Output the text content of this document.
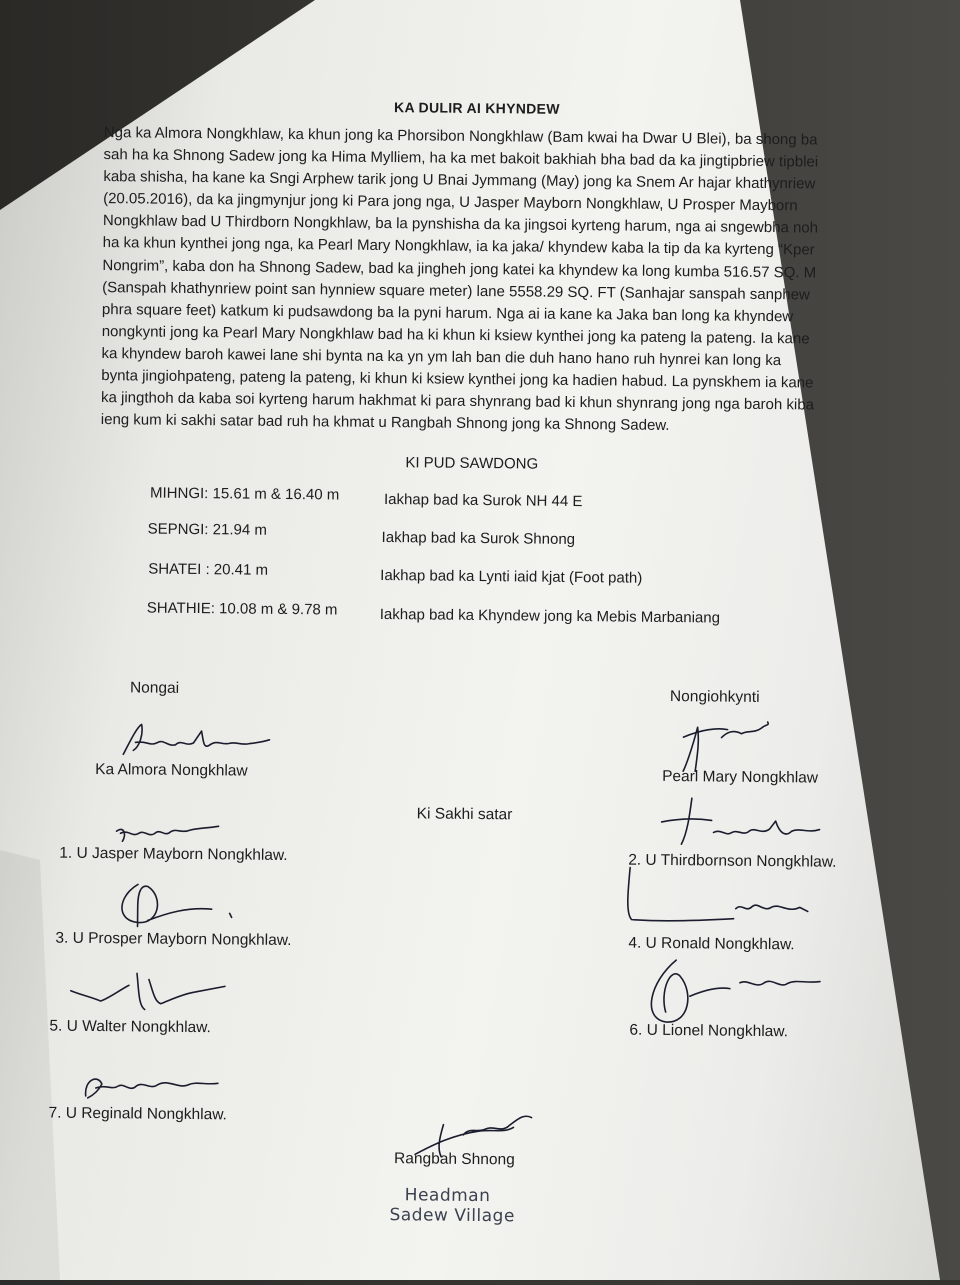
KA DULIR AI KHYNDEW
Nga ka Almora Nongkhlaw, ka khun jong ka Phorsibon Nongkhlaw (Bam kwai ha Dwar U Blei), ba shong ba
sah ha ka Shnong Sadew jong ka Hima Mylliem, ha ka met bakoit bakhiah bha bad da ka jingtipbriew tipblei
kaba shisha, ha kane ka Sngi Arphew tarik jong U Bnai Jymmang (May) jong ka Snem Ar hajar khathynriew
(20.05.2016), da ka jingmynjur jong ki Para jong nga, U Jasper Mayborn Nongkhlaw, U Prosper Mayborn
Nongkhlaw bad U Thirdborn Nongkhlaw, ba la pynshisha da ka jingsoi kyrteng harum, nga ai sngewbha noh
ha ka khun kynthei jong nga, ka Pearl Mary Nongkhlaw, ia ka jaka/ khyndew kaba la tip da ka kyrteng “Kper
Nongrim”, kaba don ha Shnong Sadew, bad ka jingheh jong katei ka khyndew ka long kumba 516.57 SQ. M
(Sanspah khathynriew point san hynniew square meter) lane 5558.29 SQ. FT (Sanhajar sanspah sanphew
phra square feet) katkum ki pudsawdong ba la pyni harum. Nga ai ia kane ka Jaka ban long ka khyndew
nongkynti jong ka Pearl Mary Nongkhlaw bad ha ki khun ki ksiew kynthei jong ka pateng la pateng. Ia kane
ka khyndew baroh kawei lane shi bynta na ka yn ym lah ban die duh hano hano ruh hynrei kan long ka
bynta jingiohpateng, pateng la pateng, ki khun ki ksiew kynthei jong ka hadien habud. La pynskhem ia kane
ka jingthoh da kaba soi kyrteng harum hakhmat ki para shynrang bad ki khun shynrang jong nga baroh kiba
ieng kum ki sakhi satar bad ruh ha khmat u Rangbah Shnong jong ka Shnong Sadew.
KI PUD SAWDONG
MIHNGI: 15.61 m & 16.40 m	Iakhap bad ka Surok NH 44 E
SEPNGI: 21.94 m	Iakhap bad ka Surok Shnong
SHATEI : 20.41 m	Iakhap bad ka Lynti iaid kjat (Foot path)
SHATHIE: 10.08 m & 9.78 m	Iakhap bad ka Khyndew jong ka Mebis Marbaniang
Nongai	Nongiohkynti
Ka Almora Nongkhlaw	Pearl Mary Nongkhlaw
Ki Sakhi satar
1. U Jasper Mayborn Nongkhlaw.	2. U Thirdbornson Nongkhlaw.
3. U Prosper Mayborn Nongkhlaw.	4. U Ronald Nongkhlaw.
5. U Walter Nongkhlaw.	6. U Lionel Nongkhlaw.
7. U Reginald Nongkhlaw.
Rangbah Shnong
Headman
Sadew Village
